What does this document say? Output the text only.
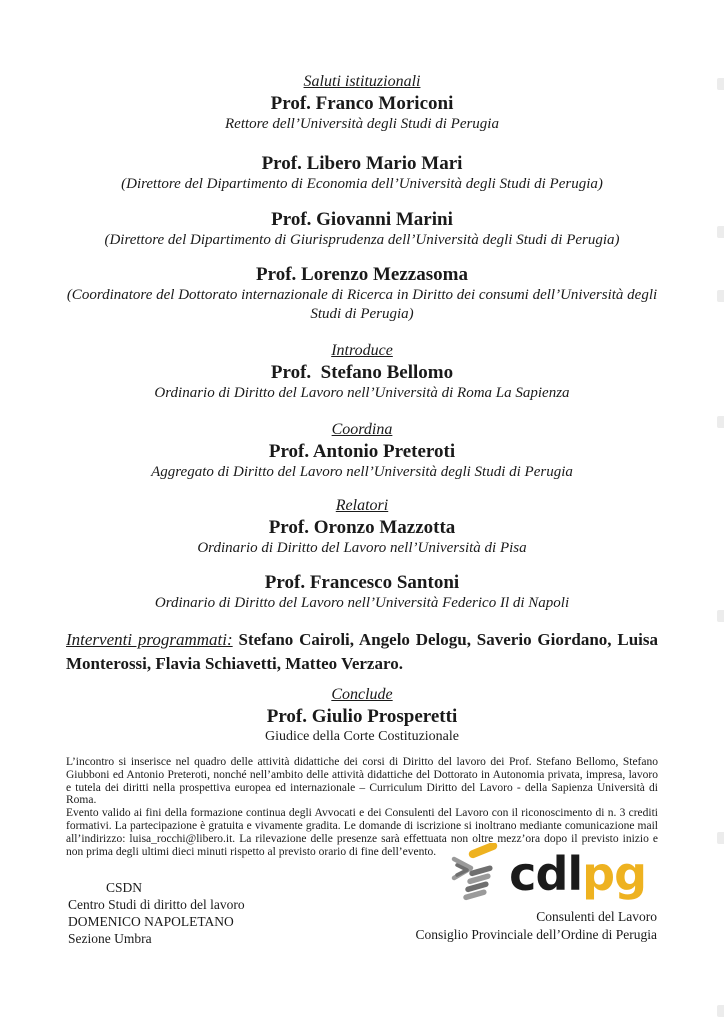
Saluti istituzionali
Prof. Franco Moriconi
Rettore dell’Università degli Studi di Perugia
Prof. Libero Mario Mari
(Direttore del Dipartimento di Economia dell’Università degli Studi di Perugia)
Prof. Giovanni Marini
(Direttore del Dipartimento di Giurisprudenza dell’Università degli Studi di Perugia)
Prof. Lorenzo Mezzasoma
(Coordinatore del Dottorato internazionale di Ricerca in Diritto dei consumi dell’Università degli Studi di Perugia)
Introduce
Prof.  Stefano Bellomo
Ordinario di Diritto del Lavoro nell’Università di Roma La Sapienza
Coordina
Prof. Antonio Preteroti
Aggregato di Diritto del Lavoro nell’Università degli Studi di Perugia
Relatori
Prof. Oronzo Mazzotta
Ordinario di Diritto del Lavoro nell’Università di Pisa
Prof. Francesco Santoni
Ordinario di Diritto del Lavoro nell’Università Federico Il di Napoli

Interventi programmati: Stefano Cairoli, Angelo Delogu, Saverio Giordano, Luisa Monterossi, Flavia Schiavetti, Matteo Verzaro.

Conclude
Prof. Giulio Prosperetti
Giudice della Corte Costituzionale

L’incontro si inserisce nel quadro delle attività didattiche dei corsi di Diritto del lavoro dei Prof. Stefano Bellomo, Stefano Giubboni ed Antonio Preteroti, nonché nell’ambito delle attività didattiche del Dottorato in Autonomia privata, impresa, lavoro e tutela dei diritti nella prospettiva europea ed internazionale – Curriculum Diritto del Lavoro - della Sapienza Università di Roma.

Evento valido ai fini della formazione continua degli Avvocati e dei Consulenti del Lavoro con il riconoscimento di n. 3 crediti formativi. La partecipazione è gratuita e vivamente gradita. Le domande di iscrizione si inoltrano mediante comunicazione mail all’indirizzo: luisa_rocchi@libero.it. La rilevazione delle presenze sarà effettuata non oltre mezz’ora dopo il previsto inizio e non prima degli ultimi dieci minuti rispetto al previsto orario di fine dell’evento.

CSDN
Centro Studi di diritto del lavoro
DOMENICO NAPOLETANO
Sezione Umbra
cdlpg
Consulenti del Lavoro
Consiglio Provinciale dell’Ordine di Perugia
